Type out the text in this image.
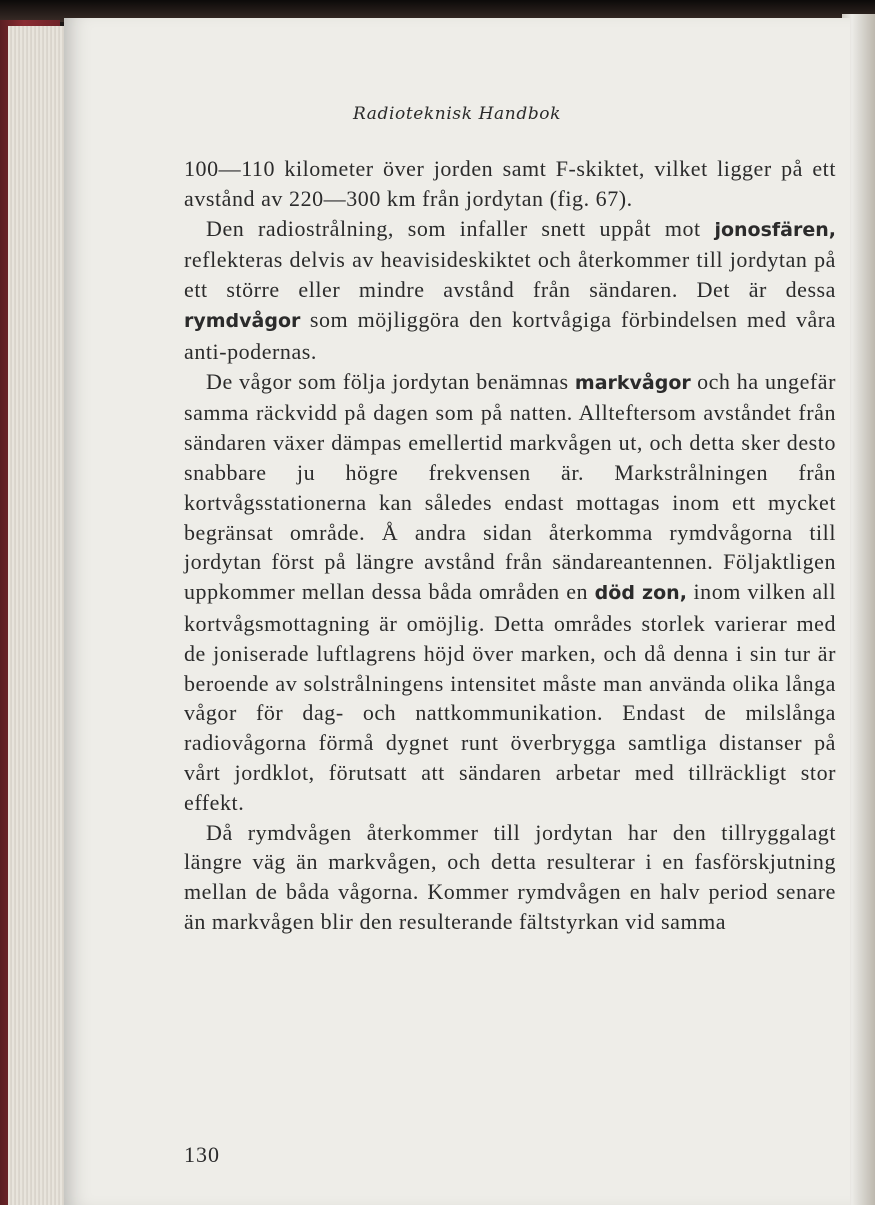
Radioteknisk Handbok

100—110 kilometer över jorden samt F-skiktet, vilket ligger på ett avstånd av 220—300 km från jordytan (fig. 67).

Den radiostrålning, som infaller snett uppåt mot jonosfären, reflekteras delvis av heavisideskiktet och återkommer till jordytan på ett större eller mindre avstånd från sändaren. Det är dessa rymdvågor som möjliggöra den kortvågiga förbindelsen med våra anti-podernas.

De vågor som följa jordytan benämnas markvågor och ha ungefär samma räckvidd på dagen som på natten. Allteftersom avståndet från sändaren växer dämpas emellertid markvågen ut, och detta sker desto snabbare ju högre frekvensen är. Markstrålningen från kortvågsstationerna kan således endast mottagas inom ett mycket begränsat område. Å andra sidan återkomma rymdvågorna till jordytan först på längre avstånd från sändareantennen. Följaktligen uppkommer mellan dessa båda områden en död zon, inom vilken all kortvågsmottagning är omöjlig. Detta områdes storlek varierar med de joniserade luftlagrens höjd över marken, och då denna i sin tur är beroende av solstrålningens intensitet måste man använda olika långa vågor för dag- och nattkommunikation. Endast de milslånga radiovågorna förmå dygnet runt överbrygga samtliga distanser på vårt jordklot, förutsatt att sändaren arbetar med tillräckligt stor effekt.

Då rymdvågen återkommer till jordytan har den tillryggalagt längre väg än markvågen, och detta resulterar i en fasförskjutning mellan de båda vågorna. Kommer rymdvågen en halv period senare än markvågen blir den resulterande fältstyrkan vid samma

130
